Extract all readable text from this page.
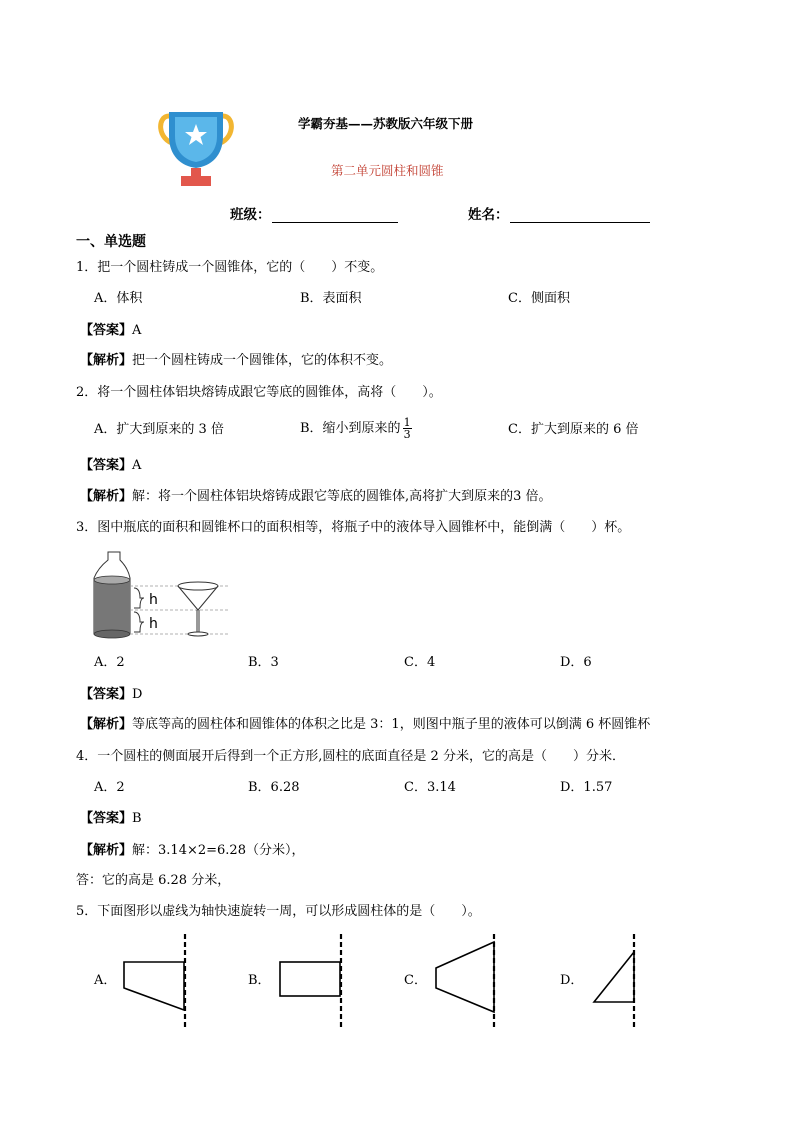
学霸夯基——苏教版六年级下册
第二单元圆柱和圆锥
班级：	姓名：
一、单选题
1．把一个圆柱铸成一个圆锥体，它的（　　）不变。
A．体积	B．表面积	C．侧面积
【答案】A
【解析】把一个圆柱铸成一个圆锥体，它的体积不变。
2．将一个圆柱体铝块熔铸成跟它等底的圆锥体，高将（　　）。
A．扩大到原来的 3 倍	B．缩小到原来的 $\frac{1}{3}$	C．扩大到原来的 6 倍
【答案】A
【解析】解：将一个圆柱体铝块熔铸成跟它等底的圆锥体,高将扩大到原来的3 倍。
3．图中瓶底的面积和圆锥杯口的面积相等，将瓶子中的液体导入圆锥杯中，能倒满（　　）杯。
h
h
A．2	B．3	C．4	D．6
【答案】D
【解析】等底等高的圆柱体和圆锥体的体积之比是 3：1，则图中瓶子里的液体可以倒满 6 杯圆锥杯
4．一个圆柱的侧面展开后得到一个正方形,圆柱的底面直径是 2 分米，它的高是（　　）分米．
A．2	B．6.28	C．3.14	D．1.57
【答案】B
【解析】解：3.14×2=6.28（分米），
答：它的高是 6.28 分米，
5．下面图形以虚线为轴快速旋转一周，可以形成圆柱体的是（　　）。
A．	B．	C．	D．
